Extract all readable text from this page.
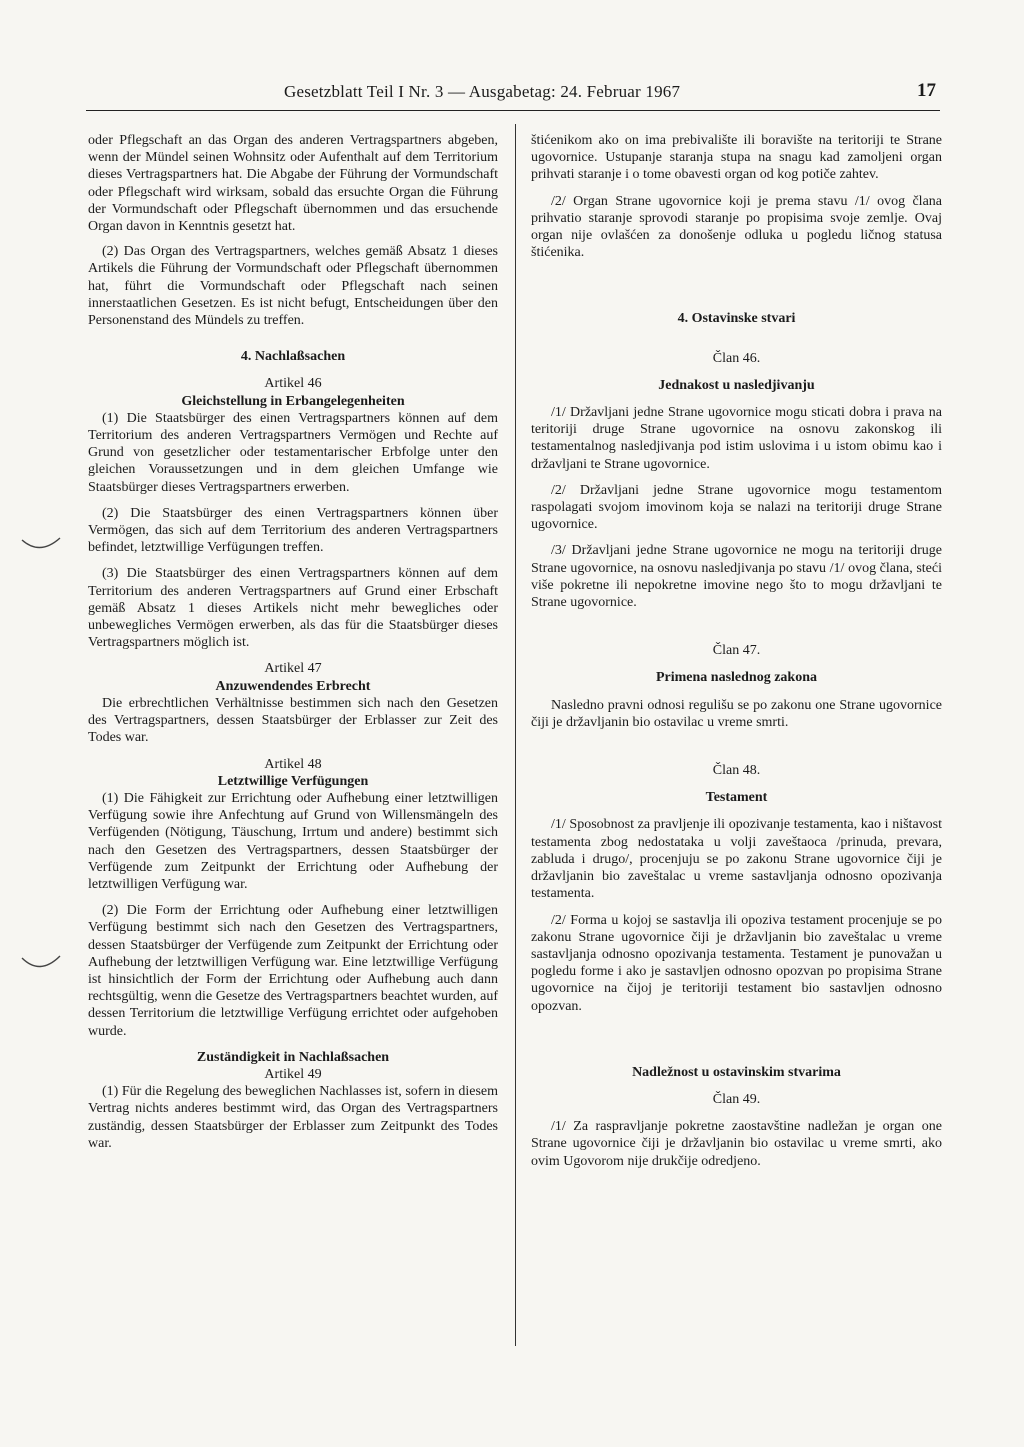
Gesetzblatt Teil I Nr. 3 — Ausgabetag: 24. Februar 1967	17

oder Pflegschaft an das Organ des anderen Vertragspartners abgeben, wenn der Mündel seinen Wohnsitz oder Aufenthalt auf dem Territorium dieses Vertragspartners hat. Die Abgabe der Führung der Vormundschaft oder Pflegschaft wird wirksam, sobald das ersuchte Organ die Führung der Vormundschaft oder Pflegschaft übernommen und das ersuchende Organ davon in Kenntnis gesetzt hat.

(2) Das Organ des Vertragspartners, welches gemäß Absatz 1 dieses Artikels die Führung der Vormundschaft oder Pflegschaft übernommen hat, führt die Vormundschaft oder Pflegschaft nach seinen innerstaatlichen Gesetzen. Es ist nicht befugt, Entscheidungen über den Personenstand des Mündels zu treffen.

4. Nachlaßsachen

Artikel 46

Gleichstellung in Erbangelegenheiten

(1) Die Staatsbürger des einen Vertragspartners können auf dem Territorium des anderen Vertragspartners Vermögen und Rechte auf Grund von gesetzlicher oder testamentarischer Erbfolge unter den gleichen Voraussetzungen und in dem gleichen Umfange wie Staatsbürger dieses Vertragspartners erwerben.

(2) Die Staatsbürger des einen Vertragspartners können über Vermögen, das sich auf dem Territorium des anderen Vertragspartners befindet, letztwillige Verfügungen treffen.

(3) Die Staatsbürger des einen Vertragspartners können auf dem Territorium des anderen Vertragspartners auf Grund einer Erbschaft gemäß Absatz 1 dieses Artikels nicht mehr bewegliches oder unbewegliches Vermögen erwerben, als das für die Staatsbürger dieses Vertragspartners möglich ist.

Artikel 47

Anzuwendendes Erbrecht

Die erbrechtlichen Verhältnisse bestimmen sich nach den Gesetzen des Vertragspartners, dessen Staatsbürger der Erblasser zur Zeit des Todes war.

Artikel 48

Letztwillige Verfügungen

(1) Die Fähigkeit zur Errichtung oder Aufhebung einer letztwilligen Verfügung sowie ihre Anfechtung auf Grund von Willensmängeln des Verfügenden (Nötigung, Täuschung, Irrtum und andere) bestimmt sich nach den Gesetzen des Vertragspartners, dessen Staatsbürger der Verfügende zum Zeitpunkt der Errichtung oder Aufhebung der letztwilligen Verfügung war.

(2) Die Form der Errichtung oder Aufhebung einer letztwilligen Verfügung bestimmt sich nach den Gesetzen des Vertragspartners, dessen Staatsbürger der Verfügende zum Zeitpunkt der Errichtung oder Aufhebung der letztwilligen Verfügung war. Eine letztwillige Verfügung ist hinsichtlich der Form der Errichtung oder Aufhebung auch dann rechtsgültig, wenn die Gesetze des Vertragspartners beachtet wurden, auf dessen Territorium die letztwillige Verfügung errichtet oder aufgehoben wurde.

Zuständigkeit in Nachlaßsachen

Artikel 49

(1) Für die Regelung des beweglichen Nachlasses ist, sofern in diesem Vertrag nichts anderes bestimmt wird, das Organ des Vertragspartners zuständig, dessen Staatsbürger der Erblasser zum Zeitpunkt des Todes war.

štićenikom ako on ima prebivalište ili boravište na teritoriji te Strane ugovornice. Ustupanje staranja stupa na snagu kad zamoljeni organ prihvati staranje i o tome obavesti organ od kog potiče zahtev.

/2/ Organ Strane ugovornice koji je prema stavu /1/ ovog člana prihvatio staranje sprovodi staranje po propisima svoje zemlje. Ovaj organ nije ovlašćen za donošenje odluka u pogledu ličnog statusa štićenika.

4. Ostavinske stvari

Član 46.

Jednakost u nasledjivanju

/1/ Državljani jedne Strane ugovornice mogu sticati dobra i prava na teritoriji druge Strane ugovornice na osnovu zakonskog ili testamentalnog nasledjivanja pod istim uslovima i u istom obimu kao i državljani te Strane ugovornice.

/2/ Državljani jedne Strane ugovornice mogu testamentom raspolagati svojom imovinom koja se nalazi na teritoriji druge Strane ugovornice.

/3/ Državljani jedne Strane ugovornice ne mogu na teritoriji druge Strane ugovornice, na osnovu nasledjivanja po stavu /1/ ovog člana, steći više pokretne ili nepokretne imovine nego što to mogu državljani te Strane ugovornice.

Član 47.

Primena naslednog zakona

Nasledno pravni odnosi regulišu se po zakonu one Strane ugovornice čiji je državljanin bio ostavilac u vreme smrti.

Član 48.

Testament

/1/ Sposobnost za pravljenje ili opozivanje testamenta, kao i ništavost testamenta zbog nedostataka u volji zaveštaoca /prinuda, prevara, zabluda i drugo/, procenjuju se po zakonu Strane ugovornice čiji je državljanin bio zaveštalac u vreme sastavljanja odnosno opozivanja testamenta.

/2/ Forma u kojoj se sastavlja ili opoziva testament procenjuje se po zakonu Strane ugovornice čiji je državljanin bio zaveštalac u vreme sastavljanja odnosno opozivanja testamenta. Testament je punovažan u pogledu forme i ako je sastavljen odnosno opozvan po propisima Strane ugovornice na čijoj je teritoriji testament bio sastavljen odnosno opozvan.

Nadležnost u ostavinskim stvarima

Član 49.

/1/ Za raspravljanje pokretne zaostavštine nadležan je organ one Strane ugovornice čiji je državljanin bio ostavilac u vreme smrti, ako ovim Ugovorom nije drukčije odredjeno.
